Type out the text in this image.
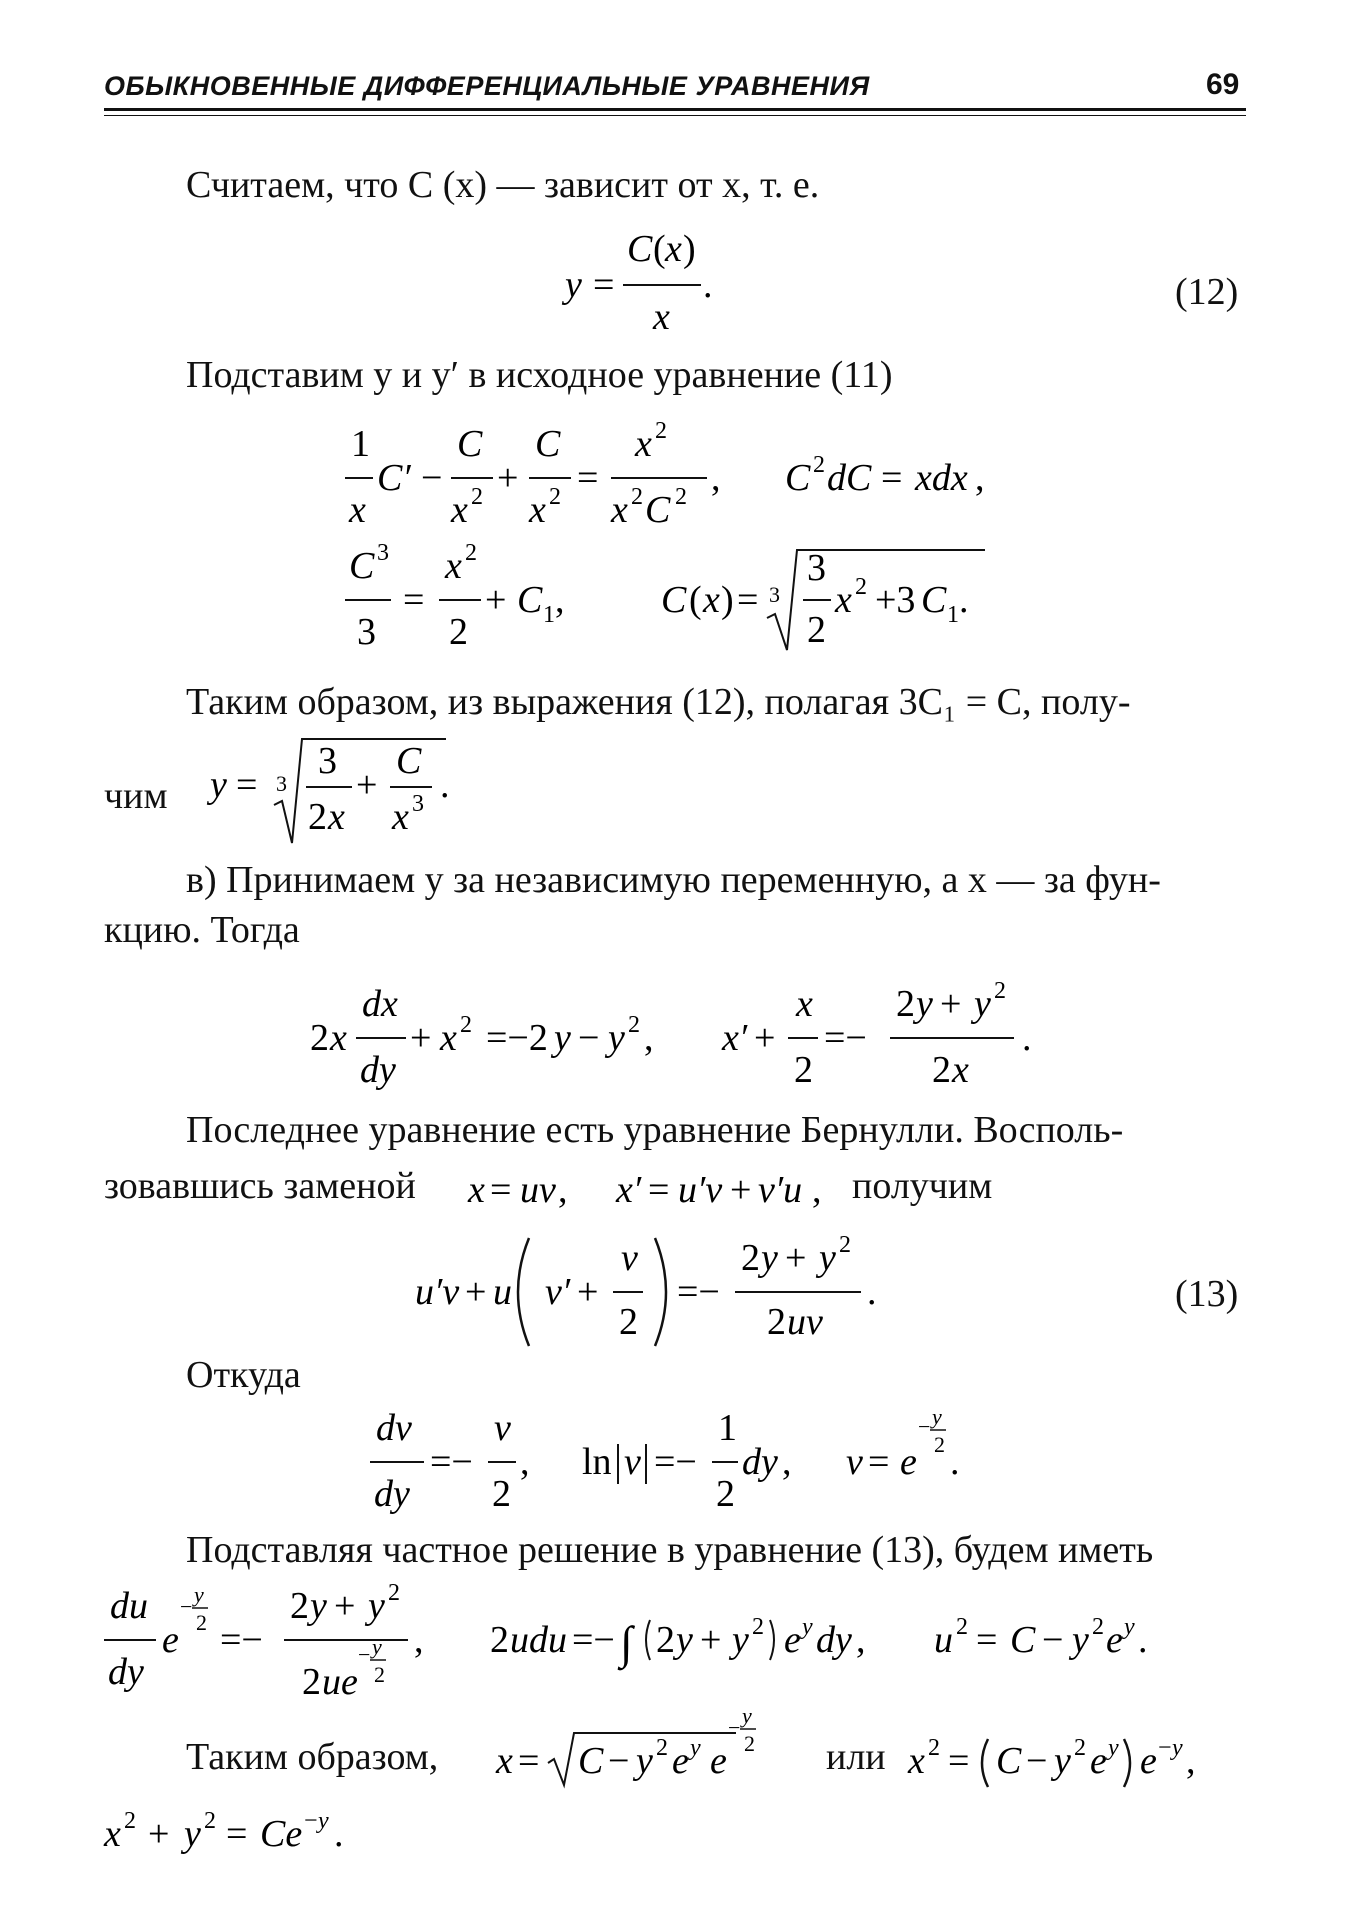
ОБЫКНОВЕННЫЕ ДИФФЕРЕНЦИАЛЬНЫЕ УРАВНЕНИЯ	69
Считаем, что C (x) — зависит от x, т. е.
y =
C ( x )
x
.	(12)
Подставим y и y′ в исходное уравнение (11)
1
x
C′ −
C
x 2 +
C
x 2 =
x 2
x 2 C 2 , C 2 dC = xdx ,
C 3
3
=
x 2
2
+ C 1 ,	C ( x ) = 3
3
2
x 2 +3 C 1 .
Таким образом, из выражения (12), полагая 3C₁ = C, полу-
чим y = 3
3
2 x
+
C
x 3 .
в) Принимаем y за независимую переменную, а x — за фун-
кцию. Тогда
2 x
dx
dy
+ x 2 =−2 y − y 2 , x′ +
x
2
=−
2 y + y 2
2 x
.
Последнее уравнение есть уравнение Бернулли. Восполь-
зовавшись заменой x = uv , x′ = u′v + v′u , получим
u′v + u v′ +
v
2
=−
2 y + y 2
2 uv
.	(13)
Откуда
dv
dy
=−
v
2
, ln v =−
1
2
dy , v = e
− y
2 .
Подставляя частное решение в уравнение (13), будем иметь
du
dy
e
− y
2 =−
2 y + y 2
2 ue
− y
2
, 2 udu =− ∫ 2 y + y 2 e y dy , u 2 = C − y 2 e y .
Таким образом, x = C − y 2 e y e
− y
2 или x 2 = C − y 2 e y e − y ,
x 2 + y 2 = Ce − y .
